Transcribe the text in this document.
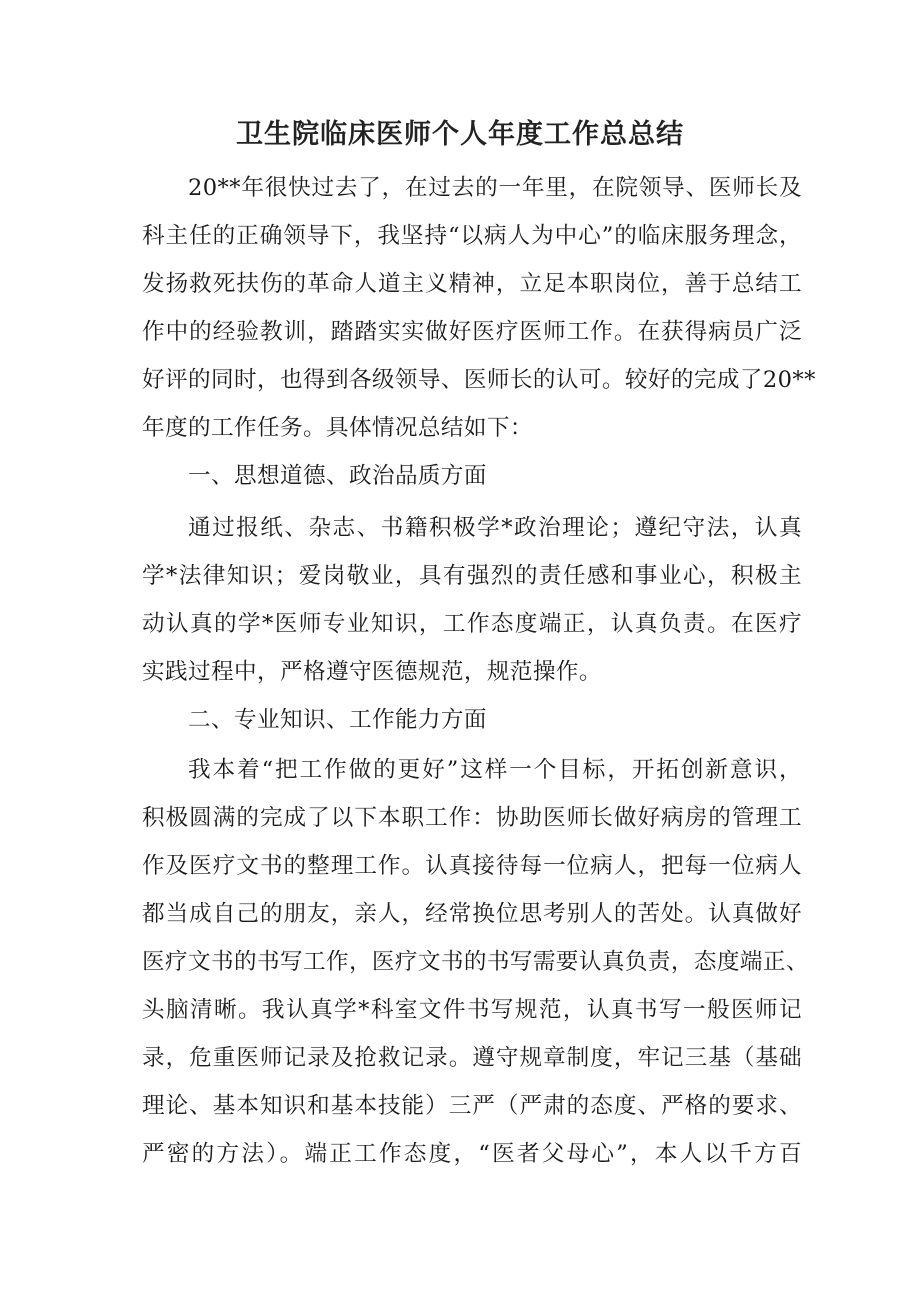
卫生院临床医师个人年度工作总总结
20**年很快过去了，在过去的一年里，在院领导、医师长及
科主任的正确领导下，我坚持“以病人为中心”的临床服务理念，
发扬救死扶伤的革命人道主义精神，立足本职岗位，善于总结工
作中的经验教训，踏踏实实做好医疗医师工作。在获得病员广泛
好评的同时，也得到各级领导、医师长的认可。较好的完成了20**
年度的工作任务。具体情况总结如下：
一、思想道德、政治品质方面
通过报纸、杂志、书籍积极学*政治理论；遵纪守法，认真
学*法律知识；爱岗敬业，具有强烈的责任感和事业心，积极主
动认真的学*医师专业知识，工作态度端正，认真负责。在医疗
实践过程中，严格遵守医德规范，规范操作。
二、专业知识、工作能力方面
我本着“把工作做的更好”这样一个目标，开拓创新意识，
积极圆满的完成了以下本职工作：协助医师长做好病房的管理工
作及医疗文书的整理工作。认真接待每一位病人，把每一位病人
都当成自己的朋友，亲人，经常换位思考别人的苦处。认真做好
医疗文书的书写工作，医疗文书的书写需要认真负责，态度端正、
头脑清晰。我认真学*科室文件书写规范，认真书写一般医师记
录，危重医师记录及抢救记录。遵守规章制度，牢记三基（基础
理论、基本知识和基本技能）三严（严肃的态度、严格的要求、
严密的方法）。端正工作态度，“医者父母心”，本人以千方百
